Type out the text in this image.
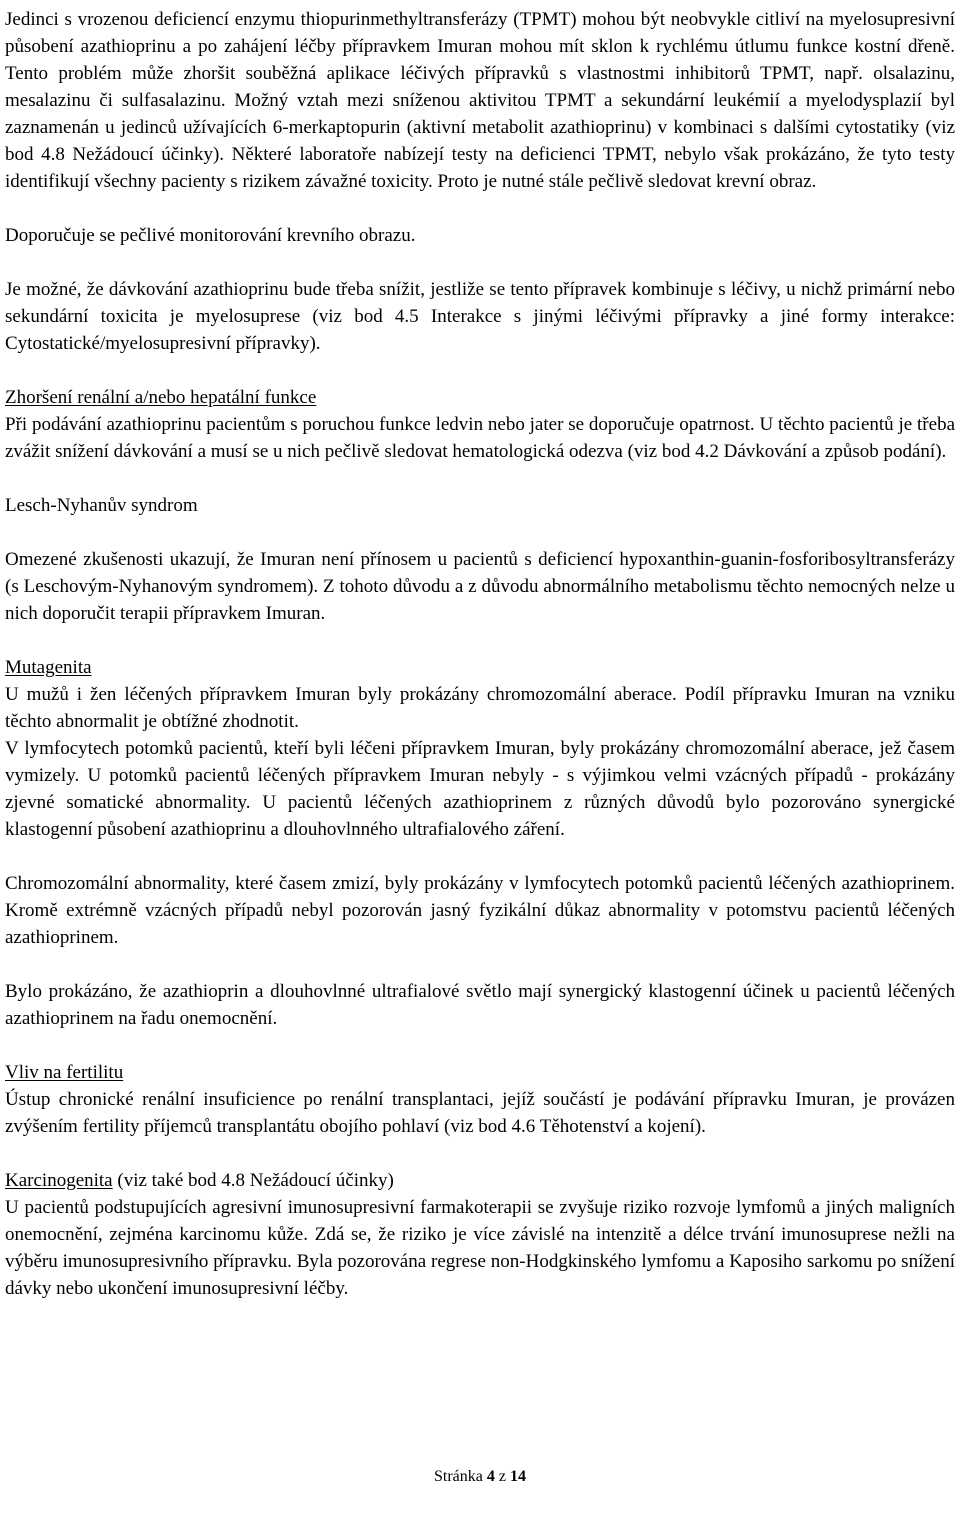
Jedinci s vrozenou deficiencí enzymu thiopurinmethyltransferázy (TPMT) mohou být neobvykle citliví na myelosupresivní působení azathioprinu a po zahájení léčby přípravkem Imuran mohou mít sklon k rychlému útlumu funkce kostní dřeně. Tento problém může zhoršit souběžná aplikace léčivých přípravků s vlastnostmi inhibitorů TPMT, např. olsalazinu, mesalazinu či sulfasalazinu. Možný vztah mezi sníženou aktivitou TPMT a sekundární leukémií a myelodysplazií byl zaznamenán u jedinců užívajících 6-merkaptopurin (aktivní metabolit azathioprinu) v kombinaci s dalšími cytostatiky (viz bod 4.8 Nežádoucí účinky). Některé laboratoře nabízejí testy na deficienci TPMT, nebylo však prokázáno, že tyto testy identifikují všechny pacienty s rizikem závažné toxicity. Proto je nutné stále pečlivě sledovat krevní obraz.

Doporučuje se pečlivé monitorování krevního obrazu.

Je možné, že dávkování azathioprinu bude třeba snížit, jestliže se tento přípravek kombinuje s léčivy, u nichž primární nebo sekundární toxicita je myelosuprese (viz bod 4.5 Interakce s jinými léčivými přípravky a jiné formy interakce: Cytostatické/myelosupresivní přípravky).

Zhoršení renální a/nebo hepatální funkce

Při podávání azathioprinu pacientům s poruchou funkce ledvin nebo jater se doporučuje opatrnost. U těchto pacientů je třeba zvážit snížení dávkování a musí se u nich pečlivě sledovat hematologická odezva (viz bod 4.2 Dávkování a způsob podání).

Lesch-Nyhanův syndrom

Omezené zkušenosti ukazují, že Imuran není přínosem u pacientů s deficiencí hypoxanthin-guanin-fosforibosyltransferázy (s Leschovým-Nyhanovým syndromem). Z tohoto důvodu a z důvodu abnormálního metabolismu těchto nemocných nelze u nich doporučit terapii přípravkem Imuran.

Mutagenita

U mužů i žen léčených přípravkem Imuran byly prokázány chromozomální aberace. Podíl přípravku Imuran na vzniku těchto abnormalit je obtížné zhodnotit.

V lymfocytech potomků pacientů, kteří byli léčeni přípravkem Imuran, byly prokázány chromozomální aberace, jež časem vymizely. U potomků pacientů léčených přípravkem Imuran nebyly - s výjimkou velmi vzácných případů - prokázány zjevné somatické abnormality. U pacientů léčených azathioprinem z různých důvodů bylo pozorováno synergické klastogenní působení azathioprinu a dlouhovlnného ultrafialového záření.

Chromozomální abnormality, které časem zmizí, byly prokázány v lymfocytech potomků pacientů léčených azathioprinem. Kromě extrémně vzácných případů nebyl pozorován jasný fyzikální důkaz abnormality v potomstvu pacientů léčených azathioprinem.

Bylo prokázáno, že azathioprin a dlouhovlnné ultrafialové světlo mají synergický klastogenní účinek u pacientů léčených azathioprinem na řadu onemocnění.

Vliv na fertilitu

Ústup chronické renální insuficience po renální transplantaci, jejíž součástí je podávání přípravku Imuran, je provázen zvýšením fertility příjemců transplantátu obojího pohlaví (viz bod 4.6 Těhotenství a kojení).

Karcinogenita (viz také bod 4.8 Nežádoucí účinky)

U pacientů podstupujících agresivní imunosupresivní farmakoterapii se zvyšuje riziko rozvoje lymfomů a jiných maligních onemocnění, zejména karcinomu kůže. Zdá se, že riziko je více závislé na intenzitě a délce trvání imunosuprese nežli na výběru imunosupresivního přípravku. Byla pozorována regrese non-Hodgkinského lymfomu a Kaposiho sarkomu po snížení dávky nebo ukončení imunosupresivní léčby.

Stránka 4 z 14
